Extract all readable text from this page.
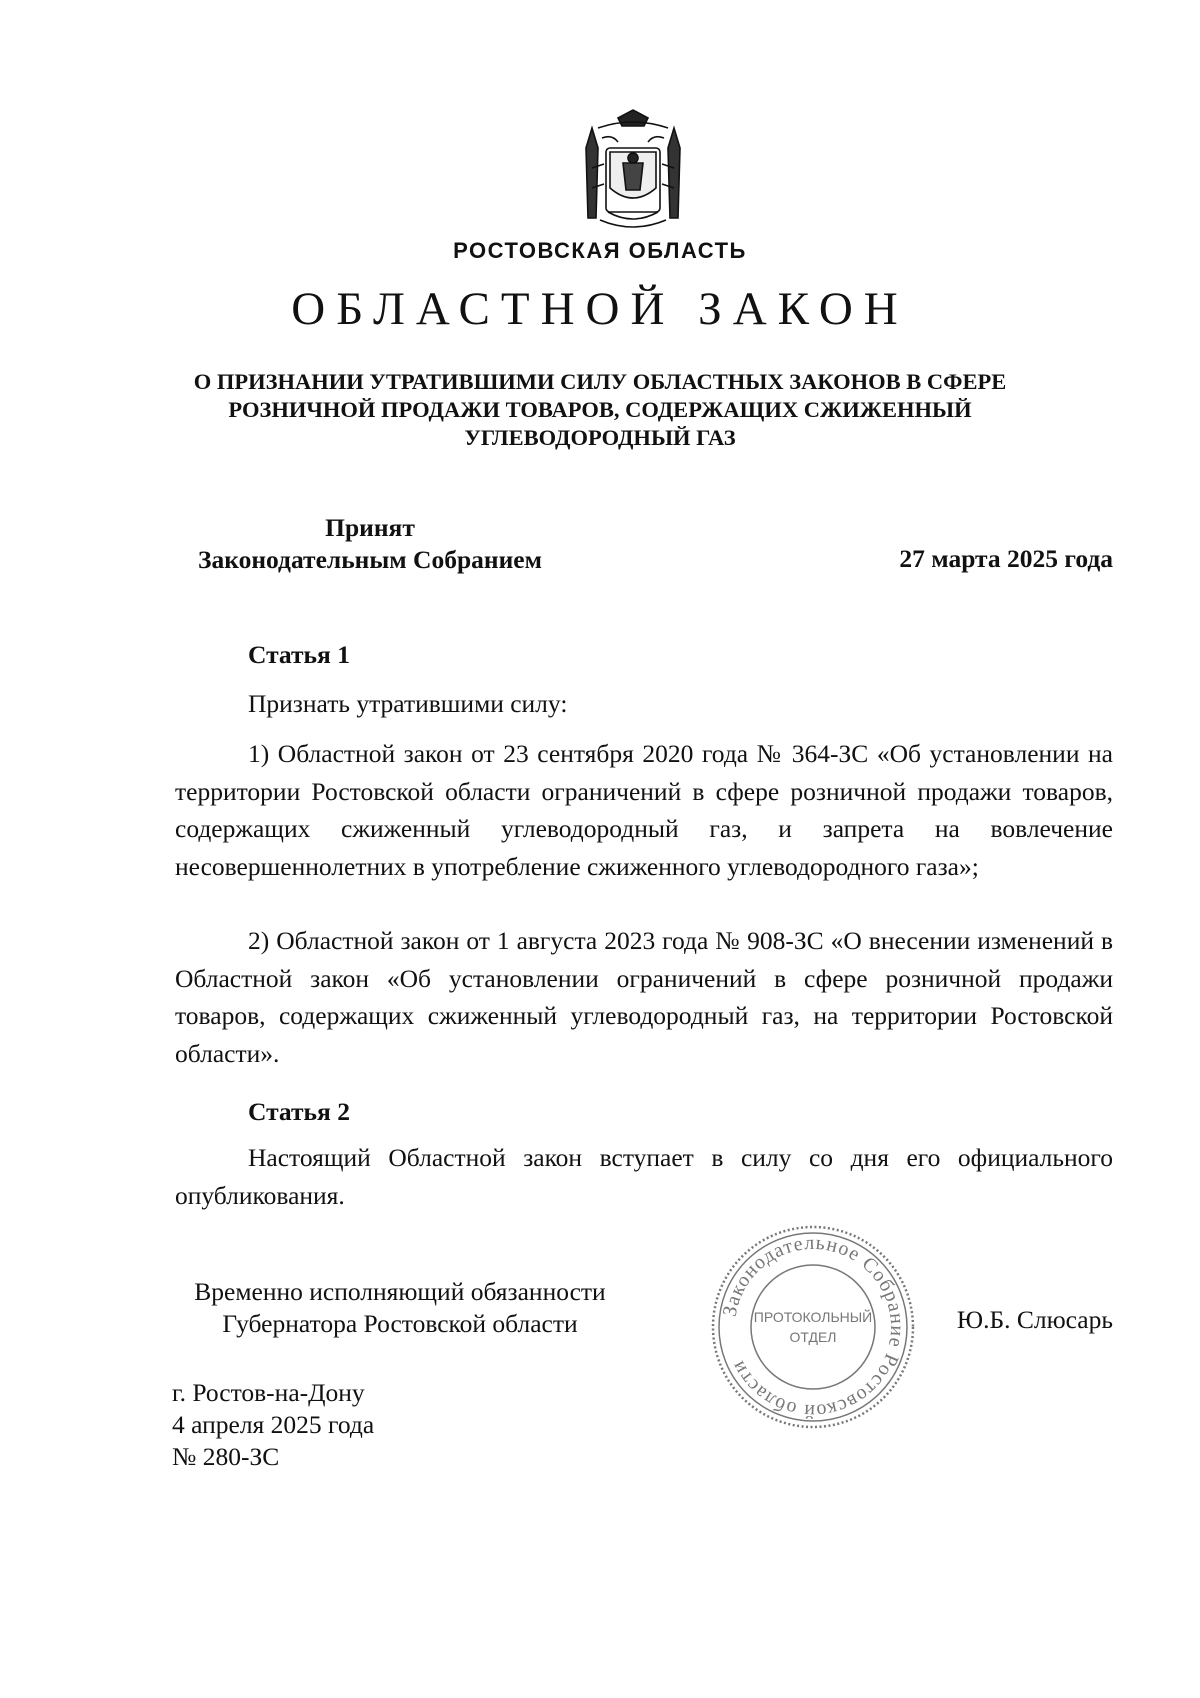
РОСТОВСКАЯ ОБЛАСТЬ
ОБЛАСТНОЙ ЗАКОН
О ПРИЗНАНИИ УТРАТИВШИМИ СИЛУ ОБЛАСТНЫХ ЗАКОНОВ В СФЕРЕ
РОЗНИЧНОЙ ПРОДАЖИ ТОВАРОВ, СОДЕРЖАЩИХ СЖИЖЕННЫЙ
УГЛЕВОДОРОДНЫЙ ГАЗ
Принят
Законодательным Собранием	27 марта 2025 года
Статья 1
Признать утратившими силу:
1) Областной закон от 23 сентября 2020 года № 364-ЗС «Об установлении на территории Ростовской области ограничений в сфере розничной продажи товаров, содержащих сжиженный углеводородный газ, и запрета на вовлечение несовершеннолетних в употребление сжиженного углеводородного газа»;
2) Областной закон от 1 августа 2023 года № 908-ЗС «О внесении изменений в Областной закон «Об установлении ограничений в сфере розничной продажи товаров, содержащих сжиженный углеводородный газ, на территории Ростовской области».
Статья 2
Настоящий Областной закон вступает в силу со дня его официального опубликования.
Временно исполняющий обязанности
Губернатора Ростовской области	Ю.Б. Слюсарь
г. Ростов-на-Дону
4 апреля 2025 года
№ 280-ЗС
Законодательное Собрание Ростовской области
ПРОТОКОЛЬНЫЙ
ОТДЕЛ
